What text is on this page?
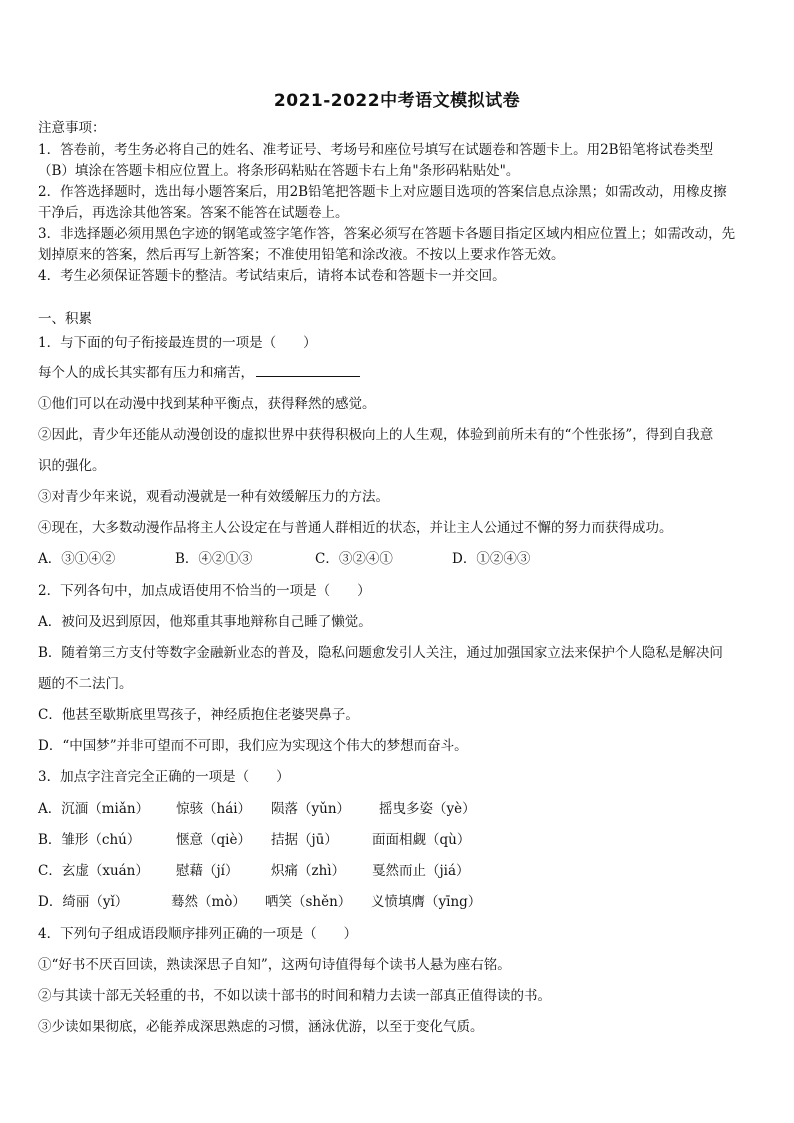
2021-2022中考语文模拟试卷
注意事项：
1．答卷前，考生务必将自己的姓名、准考证号、考场号和座位号填写在试题卷和答题卡上。用2B铅笔将试卷类型
（B）填涂在答题卡相应位置上。将条形码粘贴在答题卡右上角"条形码粘贴处"。
2．作答选择题时，选出每小题答案后，用2B铅笔把答题卡上对应题目选项的答案信息点涂黑；如需改动，用橡皮擦
干净后，再选涂其他答案。答案不能答在试题卷上。
3．非选择题必须用黑色字迹的钢笔或签字笔作答，答案必须写在答题卡各题目指定区域内相应位置上；如需改动，先
划掉原来的答案，然后再写上新答案；不准使用铅笔和涂改液。不按以上要求作答无效。
4．考生必须保证答题卡的整洁。考试结束后，请将本试卷和答题卡一并交回。
一、积累
1．与下面的句子衔接最连贯的一项是（　　）
每个人的成长其实都有压力和痛苦，
①他们可以在动漫中找到某种平衡点，获得释然的感觉。
②因此，青少年还能从动漫创设的虚拟世界中获得积极向上的人生观，体验到前所未有的“个性张扬”，得到自我意
识的强化。
③对青少年来说，观看动漫就是一种有效缓解压力的方法。
④现在，大多数动漫作品将主人公设定在与普通人群相近的状态，并让主人公通过不懈的努力而获得成功。
A．③①④②	B．④②①③	C．③②④①	D．①②④③
2．下列各句中，加点成语使用不恰当的一项是（　　）
A．被问及迟到原因，他郑重其事地辩称自己睡了懒觉。
B．随着第三方支付等数字金融新业态的普及，隐私问题愈发引人关注，通过加强国家立法来保护个人隐私是解决问
题的不二法门。
C．他甚至歇斯底里骂孩子，神经质抱住老婆哭鼻子。
D．“中国梦”并非可望而不可即，我们应为实现这个伟大的梦想而奋斗。
3．加点字注音完全正确的一项是（　　）
A．沉湎（miǎn） 惊骇（hái） 陨落（yǔn） 摇曳多姿（yè）
B．雏形（chú）	惬意（qiè） 拮据（jū）	面面相觑（qù）
C．玄虚（xuán） 慰藉（jí） 炽痛（zhì） 戛然而止（jiá）
D．绮丽（yǐ）	蓦然（mò） 哂笑（shěn） 义愤填膺（yīng）
4．下列句子组成语段顺序排列正确的一项是（　　）
①“好书不厌百回读，熟读深思子自知”，这两句诗值得每个读书人悬为座右铭。
②与其读十部无关轻重的书，不如以读十部书的时间和精力去读一部真正值得读的书。
③少读如果彻底，必能养成深思熟虑的习惯，涵泳优游，以至于变化气质。
